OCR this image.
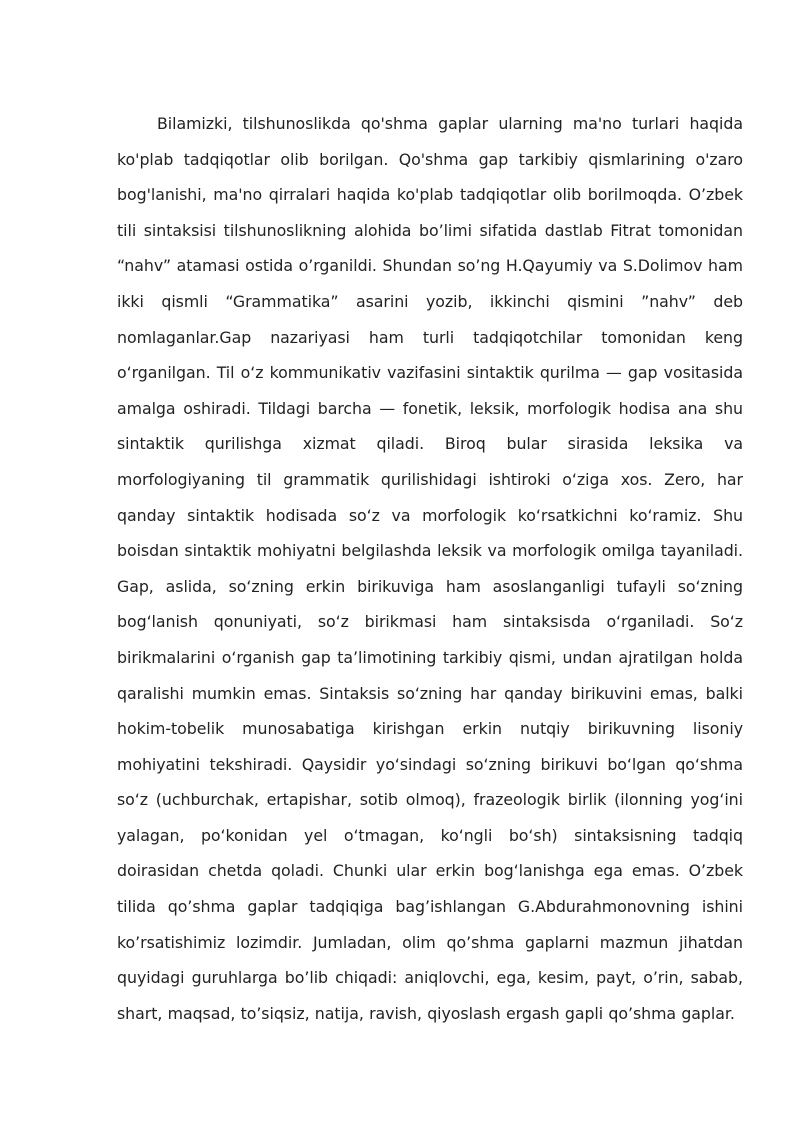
Bilamizki, tilshunoslikda qo'shma gaplar ularning ma'no turlari haqida ko'plab tadqiqotlar olib borilgan. Qo'shma gap tarkibiy qismlarining o'zaro bog'lanishi, ma'no qirralari haqida ko'plab tadqiqotlar olib borilmoqda. O’zbek tili sintaksisi tilshunoslikning alohida bo’limi sifatida dastlab Fitrat tomonidan “nahv” atamasi ostida o’rganildi. Shundan so’ng H.Qayumiy va S.Dolimov ham ikki qismli “Grammatika” asarini yozib, ikkinchi qismini ”nahv” deb nomlaganlar.Gap nazariyasi ham turli tadqiqotchilar tomonidan keng o‘rganilgan. Til o‘z kommunikativ vazifasini sintaktik qurilma — gap vositasida amalga oshiradi. Tildagi barcha — fonetik, leksik, morfologik hodisa ana shu sintaktik qurilishga xizmat qiladi. Biroq bular sirasida leksika va morfologiyaning til grammatik qurilishidagi ishtiroki o‘ziga xos. Zero, har qanday sintaktik hodisada so‘z va morfologik ko‘rsatkichni ko‘ramiz. Shu boisdan sintaktik mohiyatni belgilashda leksik va morfologik omilga tayaniladi. Gap, aslida, so‘zning erkin birikuviga ham asoslanganligi tufayli so‘zning bog‘lanish qonuniyati, so‘z birikmasi ham sintaksisda o‘rganiladi. So‘z birikmalarini o‘rganish gap ta’limotining tarkibiy qismi, undan ajratilgan holda qaralishi mumkin emas. Sintaksis so‘zning har qanday birikuvini emas, balki hokim-tobelik munosabatiga kirishgan erkin nutqiy birikuvning lisoniy mohiyatini tekshiradi. Qaysidir yo‘sindagi so‘zning birikuvi bo‘lgan qo‘shma so‘z (uchburchak, ertapishar, sotib olmoq), frazeologik birlik (ilonning yog‘ini yalagan, po‘konidan yel o‘tmagan, ko‘ngli bo‘sh) sintaksisning tadqiq doirasidan chetda qoladi. Chunki ular erkin bog‘lanishga ega emas. O’zbek tilida qo’shma gaplar tadqiqiga bag’ishlangan G.Abdurahmonovning ishini ko’rsatishimiz lozimdir. Jumladan, olim qo’shma gaplarni mazmun jihatdan quyidagi guruhlarga bo’lib chiqadi: aniqlovchi, ega, kesim, payt, o’rin, sabab, shart, maqsad, to’siqsiz, natija, ravish, qiyoslash ergash gapli qo’shma gaplar.
